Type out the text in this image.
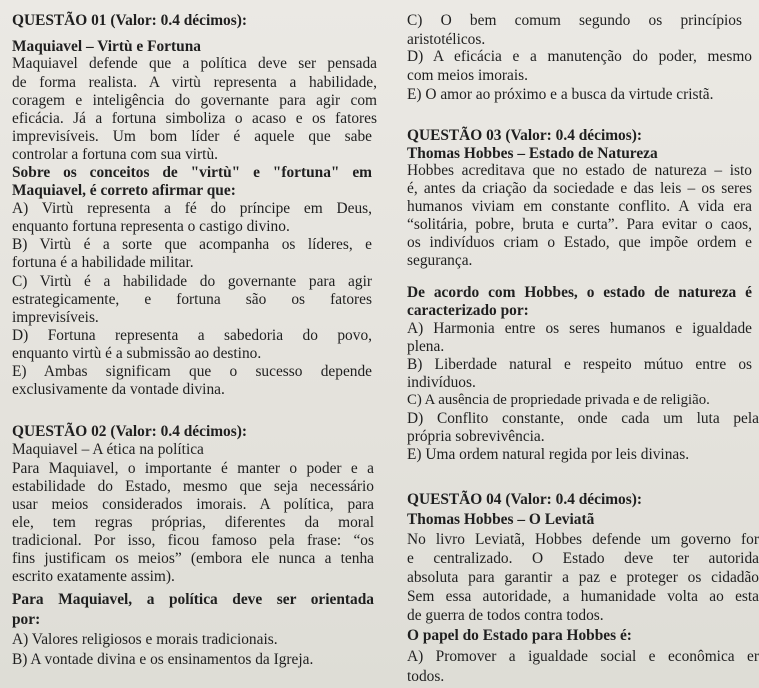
QUESTÃO 01 (Valor: 0.4 décimos):
Maquiavel – Virtù e Fortuna
Maquiavel defende que a política deve ser pensada
de forma realista. A virtù representa a habilidade,
coragem e inteligência do governante para agir com
eficácia. Já a fortuna simboliza o acaso e os fatores
imprevisíveis. Um bom líder é aquele que sabe
controlar a fortuna com sua virtù.
Sobre os conceitos de "virtù" e "fortuna" em
Maquiavel, é correto afirmar que:
A) Virtù representa a fé do príncipe em Deus,
enquanto fortuna representa o castigo divino.
B) Virtù é a sorte que acompanha os líderes, e
fortuna é a habilidade militar.
C) Virtù é a habilidade do governante para agir
estrategicamente, e fortuna são os fatores
imprevisíveis.
D) Fortuna representa a sabedoria do povo,
enquanto virtù é a submissão ao destino.
E) Ambas significam que o sucesso depende
exclusivamente da vontade divina.
QUESTÃO 02 (Valor: 0.4 décimos):
Maquiavel – A ética na política
Para Maquiavel, o importante é manter o poder e a
estabilidade do Estado, mesmo que seja necessário
usar meios considerados imorais. A política, para
ele, tem regras próprias, diferentes da moral
tradicional. Por isso, ficou famoso pela frase: “os
fins justificam os meios” (embora ele nunca a tenha
escrito exatamente assim).
Para Maquiavel, a política deve ser orientada
por:
A) Valores religiosos e morais tradicionais.
B) A vontade divina e os ensinamentos da Igreja.
C) O bem comum segundo os princípios
aristotélicos.
D) A eficácia e a manutenção do poder, mesmo
com meios imorais.
E) O amor ao próximo e a busca da virtude cristã.
QUESTÃO 03 (Valor: 0.4 décimos):
Thomas Hobbes – Estado de Natureza
Hobbes acreditava que no estado de natureza – isto
é, antes da criação da sociedade e das leis – os seres
humanos viviam em constante conflito. A vida era
“solitária, pobre, bruta e curta”. Para evitar o caos,
os indivíduos criam o Estado, que impõe ordem e
segurança.
De acordo com Hobbes, o estado de natureza é
caracterizado por:
A) Harmonia entre os seres humanos e igualdade
plena.
B) Liberdade natural e respeito mútuo entre os
indivíduos.
C) A ausência de propriedade privada e de religião.
D) Conflito constante, onde cada um luta pela
própria sobrevivência.
E) Uma ordem natural regida por leis divinas.
QUESTÃO 04 (Valor: 0.4 décimos):
Thomas Hobbes – O Leviatã
No livro Leviatã, Hobbes defende um governo for
e centralizado. O Estado deve ter autorida
absoluta para garantir a paz e proteger os cidadão
Sem essa autoridade, a humanidade volta ao esta
de guerra de todos contra todos.
O papel do Estado para Hobbes é:
A) Promover a igualdade social e econômica er
todos.
